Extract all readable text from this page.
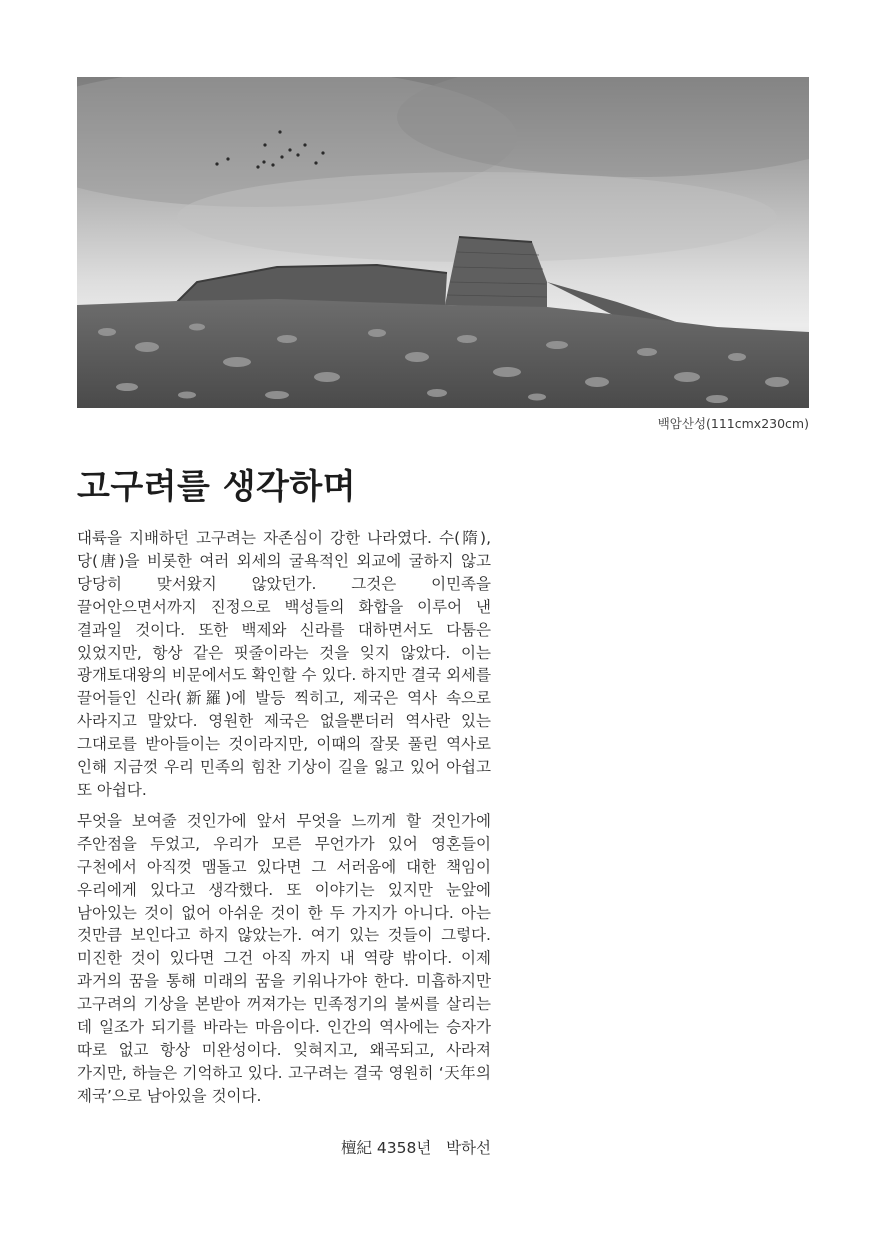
백암산성(111cmx230cm)
고구려를 생각하며

대륙을 지배하던 고구려는 자존심이 강한 나라였다. 수(隋), 당(唐)을 비롯한 여러 외세의 굴욕적인 외교에 굴하지 않고 당당히 맞서왔지 않았던가. 그것은 이민족을 끌어안으면서까지 진정으로 백성들의 화합을 이루어 낸 결과일 것이다. 또한 백제와 신라를 대하면서도 다툼은 있었지만, 항상 같은 핏줄이라는 것을 잊지 않았다. 이는 광개토대왕의 비문에서도 확인할 수 있다. 하지만 결국 외세를 끌어들인 신라(新羅)에 발등 찍히고, 제국은 역사 속으로 사라지고 말았다. 영원한 제국은 없을뿐더러 역사란 있는 그대로를 받아들이는 것이라지만, 이때의 잘못 풀린 역사로 인해 지금껏 우리 민족의 힘찬 기상이 길을 잃고 있어 아쉽고 또 아쉽다.

무엇을 보여줄 것인가에 앞서 무엇을 느끼게 할 것인가에 주안점을 두었고, 우리가 모른 무언가가 있어 영혼들이 구천에서 아직껏 맴돌고 있다면 그 서러움에 대한 책임이 우리에게 있다고 생각했다. 또 이야기는 있지만 눈앞에 남아있는 것이 없어 아쉬운 것이 한 두 가지가 아니다. 아는 것만큼 보인다고 하지 않았는가. 여기 있는 것들이 그렇다. 미진한 것이 있다면 그건 아직 까지 내 역량 밖이다. 이제 과거의 꿈을 통해 미래의 꿈을 키워나가야 한다. 미흡하지만 고구려의 기상을 본받아 꺼져가는 민족정기의 불씨를 살리는 데 일조가 되기를 바라는 마음이다. 인간의 역사에는 승자가 따로 없고 항상 미완성이다. 잊혀지고, 왜곡되고, 사라져 가지만, 하늘은 기억하고 있다. 고구려는 결국 영원히 ‘天年의 제국’으로 남아있을 것이다.

檀紀 4358년   박하선
